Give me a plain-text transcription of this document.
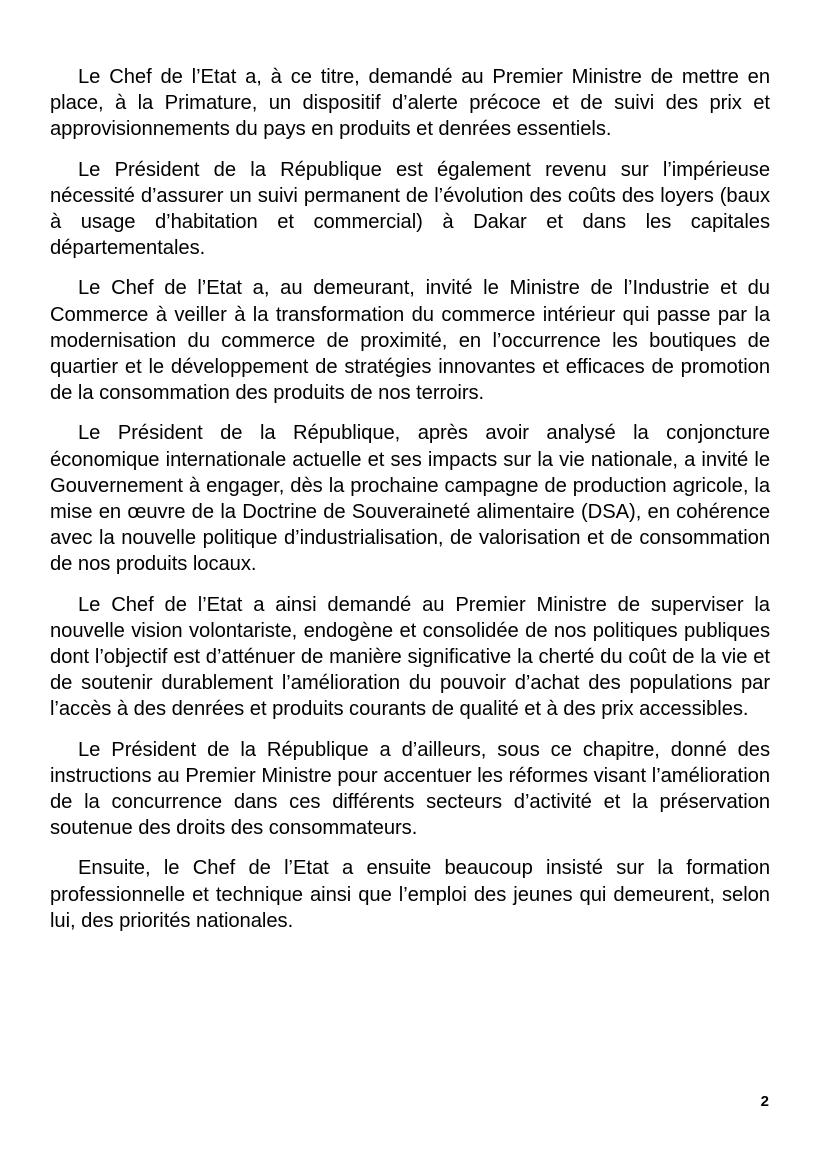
Le Chef de l’Etat a, à ce titre, demandé au Premier Ministre de mettre en place, à la Primature, un dispositif d’alerte précoce et de suivi des prix et approvisionnements du pays en produits et denrées essentiels.

Le Président de la République est également revenu sur l’impérieuse nécessité d’assurer un suivi permanent de l’évolution des coûts des loyers (baux à usage d’habitation et commercial) à Dakar et dans les capitales départementales.

Le Chef de l’Etat a, au demeurant, invité le Ministre de l’Industrie et du Commerce à veiller à la transformation du commerce intérieur qui passe par la modernisation du commerce de proximité, en l’occurrence les boutiques de quartier et le développement de stratégies innovantes et efficaces de promotion de la consommation des produits de nos terroirs.

Le Président de la République, après avoir analysé la conjoncture économique internationale actuelle et ses impacts sur la vie nationale, a invité le Gouvernement à engager, dès la prochaine campagne de production agricole, la mise en œuvre de la Doctrine de Souveraineté alimentaire (DSA), en cohérence avec la nouvelle politique d’industrialisation, de valorisation et de consommation de nos produits locaux.

Le Chef de l’Etat a ainsi demandé au Premier Ministre de superviser la nouvelle vision volontariste, endogène et consolidée de nos politiques publiques dont l’objectif est d’atténuer de manière significative la cherté du coût de la vie et de soutenir durablement l’amélioration du pouvoir d’achat des populations par l’accès à des denrées et produits courants de qualité et à des prix accessibles.

Le Président de la République a d’ailleurs, sous ce chapitre, donné des instructions au Premier Ministre pour accentuer les réformes visant l’amélioration de la concurrence dans ces différents secteurs d’activité et la préservation soutenue des droits des consommateurs.

Ensuite, le Chef de l’Etat a ensuite beaucoup insisté sur la formation professionnelle et technique ainsi que l’emploi des jeunes qui demeurent, selon lui, des priorités nationales.

2
